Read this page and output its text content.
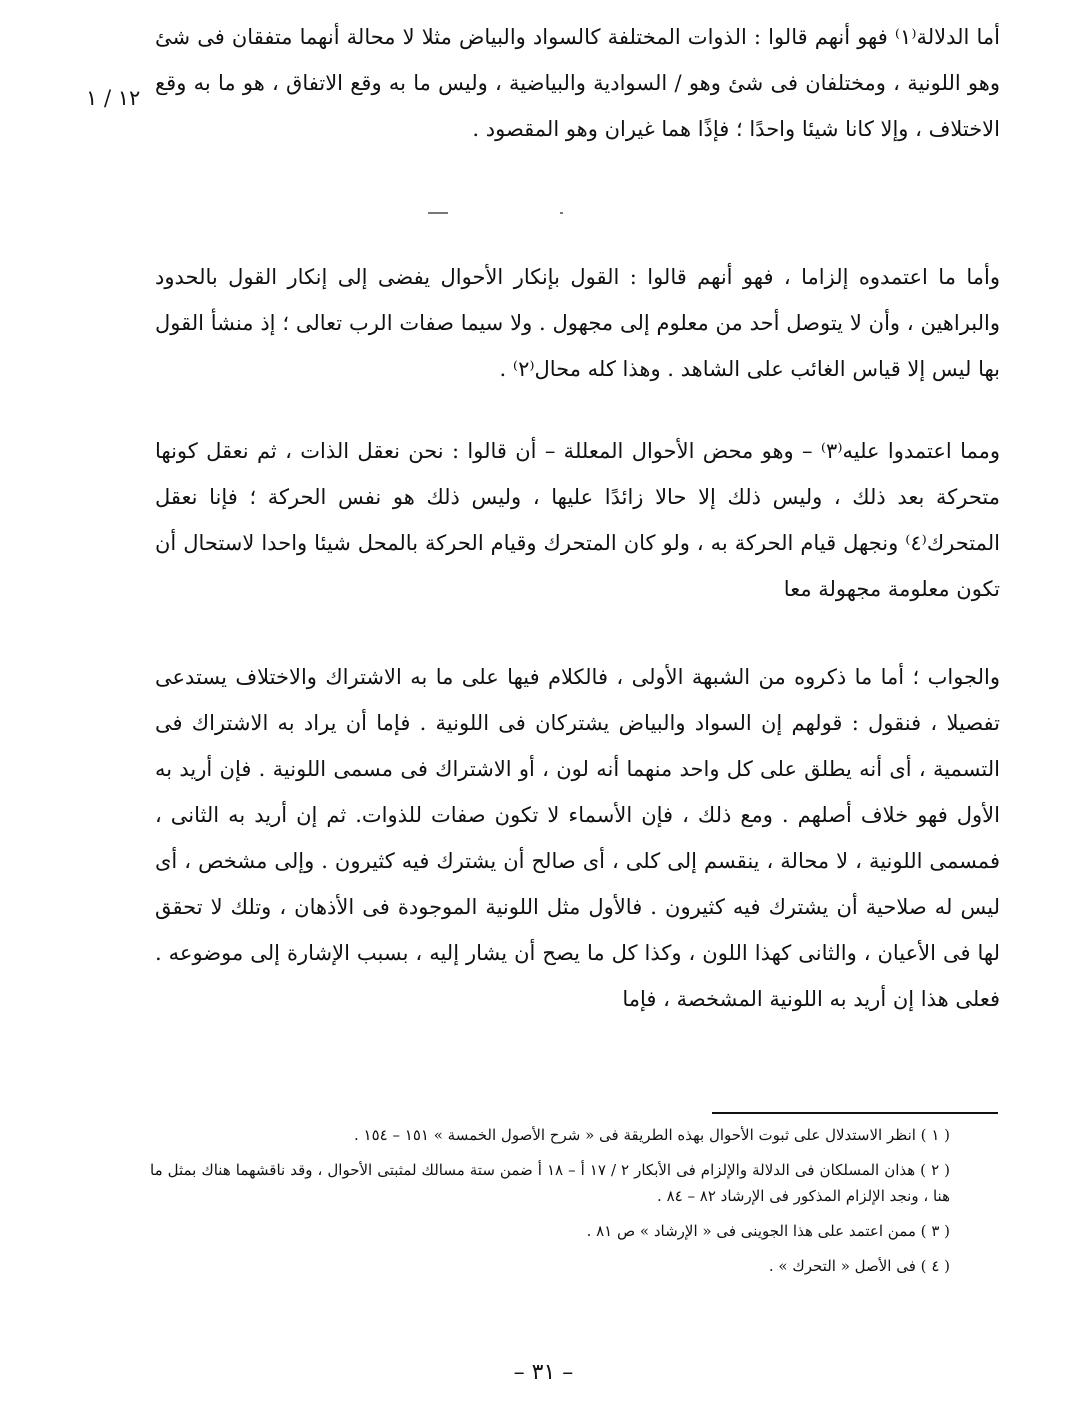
١٢ / ١

أما الدلالة⁽١⁾ فهو أنهم قالوا : الذوات المختلفة كالسواد والبياض مثلا لا محالة أنهما متفقان فى شئ وهو اللونية ، ومختلفان فى شئ وهو / السوادية والبياضية ، وليس ما به وقع الاتفاق ، هو ما به وقع الاختلاف ، وإلا كانا شيئا واحدًا ؛ فإذًا هما غيران وهو المقصود .

وأما ما اعتمدوه إلزاما ، فهو أنهم قالوا : القول بإنكار الأحوال يفضى إلى إنكار القول بالحدود والبراهين ، وأن لا يتوصل أحد من معلوم إلى مجهول . ولا سيما صفات الرب تعالى ؛ إذ منشأ القول بها ليس إلا قياس الغائب على الشاهد . وهذا كله محال⁽٢⁾ .

ومما اعتمدوا عليه⁽٣⁾ – وهو محض الأحوال المعللة – أن قالوا : نحن نعقل الذات ، ثم نعقل كونها متحركة بعد ذلك ، وليس ذلك إلا حالا زائدًا عليها ، وليس ذلك هو نفس الحركة ؛ فإنا نعقل المتحرك⁽٤⁾ ونجهل قيام الحركة به ، ولو كان المتحرك وقيام الحركة بالمحل شيئا واحدا لاستحال أن تكون معلومة مجهولة معا

والجواب ؛ أما ما ذكروه من الشبهة الأولى ، فالكلام فيها على ما به الاشتراك والاختلاف يستدعى تفصيلا ، فنقول : قولهم إن السواد والبياض يشتركان فى اللونية . فإما أن يراد به الاشتراك فى التسمية ، أى أنه يطلق على كل واحد منهما أنه لون ، أو الاشتراك فى مسمى اللونية . فإن أريد به الأول فهو خلاف أصلهم . ومع ذلك ، فإن الأسماء لا تكون صفات للذوات. ثم إن أريد به الثانى ، فمسمى اللونية ، لا محالة ، ينقسم إلى كلى ، أى صالح أن يشترك فيه كثيرون . وإلى مشخص ، أى ليس له صلاحية أن يشترك فيه كثيرون . فالأول مثل اللونية الموجودة فى الأذهان ، وتلك لا تحقق لها فى الأعيان ، والثانى كهذا اللون ، وكذا كل ما يصح أن يشار إليه ، بسبب الإشارة إلى موضوعه . فعلى هذا إن أريد به اللونية المشخصة ، فإما

( ١ ) انظر الاستدلال على ثبوت الأحوال بهذه الطريقة فى « شرح الأصول الخمسة » ١٥١ – ١٥٤ .

( ٢ ) هذان المسلكان فى الدلالة والإلزام فى الأبكار ٢ / ١٧ أ – ١٨ أ ضمن ستة مسالك لمثبتى الأحوال ، وقد ناقشهما هناك بمثل ما هنا ، ونجد الإلزام المذكور فى الإرشاد ٨٢ – ٨٤ .

( ٣ ) ممن اعتمد على هذا الجوينى فى « الإرشاد » ص ٨١ .

( ٤ ) فى الأصل « التحرك » .

– ٣١ –
